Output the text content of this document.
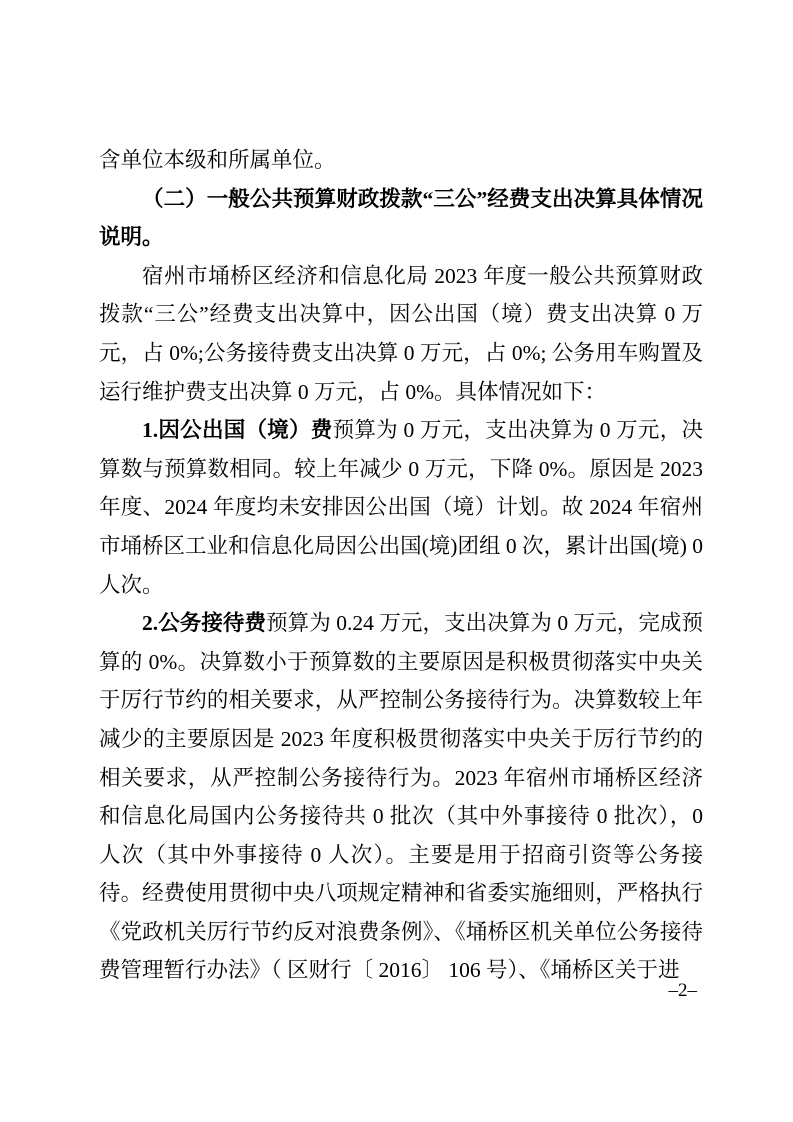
含单位本级和所属单位。

（二）一般公共预算财政拨款“三公”经费支出决算具体情况说明。

宿州市埇桥区经济和信息化局 2023 年度一般公共预算财政拨款“三公”经费支出决算中，因公出国（境）费支出决算 0 万元，占 0%;公务接待费支出决算 0 万元，占 0%; 公务用车购置及运行维护费支出决算 0 万元，占 0%。具体情况如下：

1.因公出国（境）费预算为 0 万元，支出决算为 0 万元，决算数与预算数相同。较上年减少 0 万元，下降 0%。原因是 2023 年度、2024 年度均未安排因公出国（境）计划。故 2024 年宿州市埇桥区工业和信息化局因公出国(境)团组 0 次，累计出国(境) 0 人次。

2.公务接待费预算为 0.24 万元，支出决算为 0 万元，完成预算的 0%。决算数小于预算数的主要原因是积极贯彻落实中央关于厉行节约的相关要求，从严控制公务接待行为。决算数较上年减少的主要原因是 2023 年度积极贯彻落实中央关于厉行节约的相关要求，从严控制公务接待行为。2023 年宿州市埇桥区经济和信息化局国内公务接待共 0 批次（其中外事接待 0 批次），0 人次（其中外事接待 0 人次）。主要是用于招商引资等公务接待。经费使用贯彻中央八项规定精神和省委实施细则，严格执行《党政机关厉行节约反对浪费条例》、《埇桥区机关单位公务接待费管理暂行办法》（ 区财行〔 2016〕 106 号）、《埇桥区关于进

–2–
